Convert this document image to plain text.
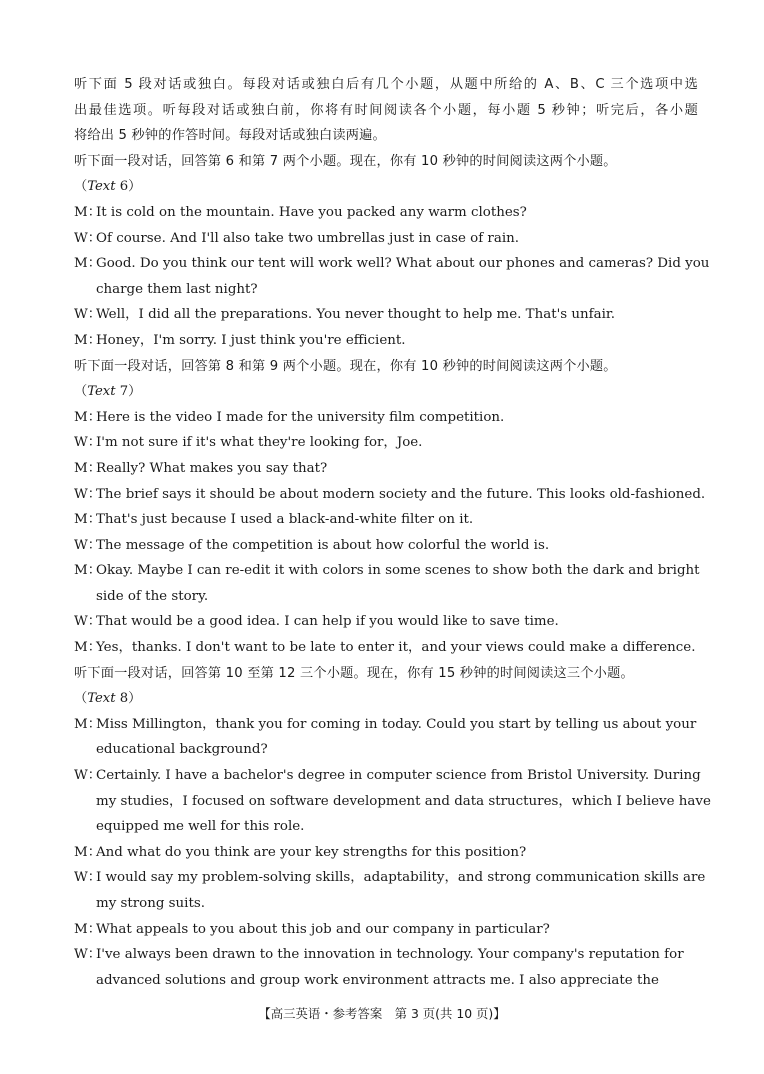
听下面 5 段对话或独白。每段对话或独白后有几个小题，从题中所给的 A、B、C 三个选项中选
出最佳选项。听每段对话或独白前，你将有时间阅读各个小题，每小题 5 秒钟；听完后，各小题
将给出 5 秒钟的作答时间。每段对话或独白读两遍。
听下面一段对话，回答第 6 和第 7 两个小题。现在，你有 10 秒钟的时间阅读这两个小题。
（Text 6）
M：It is cold on the mountain. Have you packed any warm clothes?
W：Of course. And I'll also take two umbrellas just in case of rain.
M：Good. Do you think our tent will work well? What about our phones and cameras? Did you
charge them last night?
W：Well，I did all the preparations. You never thought to help me. That's unfair.
M：Honey，I'm sorry. I just think you're efficient.
听下面一段对话，回答第 8 和第 9 两个小题。现在，你有 10 秒钟的时间阅读这两个小题。
（Text 7）
M：Here is the video I made for the university film competition.
W：I'm not sure if it's what they're looking for，Joe.
M：Really? What makes you say that?
W：The brief says it should be about modern society and the future. This looks old-fashioned.
M：That's just because I used a black-and-white filter on it.
W：The message of the competition is about how colorful the world is.
M：Okay. Maybe I can re-edit it with colors in some scenes to show both the dark and bright
side of the story.
W：That would be a good idea. I can help if you would like to save time.
M：Yes，thanks. I don't want to be late to enter it，and your views could make a difference.
听下面一段对话，回答第 10 至第 12 三个小题。现在，你有 15 秒钟的时间阅读这三个小题。
（Text 8）
M：Miss Millington，thank you for coming in today. Could you start by telling us about your
educational background?
W：Certainly. I have a bachelor's degree in computer science from Bristol University. During
my studies，I focused on software development and data structures，which I believe have
equipped me well for this role.
M：And what do you think are your key strengths for this position?
W：I would say my problem-solving skills，adaptability，and strong communication skills are
my strong suits.
M：What appeals to you about this job and our company in particular?
W：I've always been drawn to the innovation in technology. Your company's reputation for
advanced solutions and group work environment attracts me. I also appreciate the
【高三英语・参考答案　第 3 页(共 10 页)】
